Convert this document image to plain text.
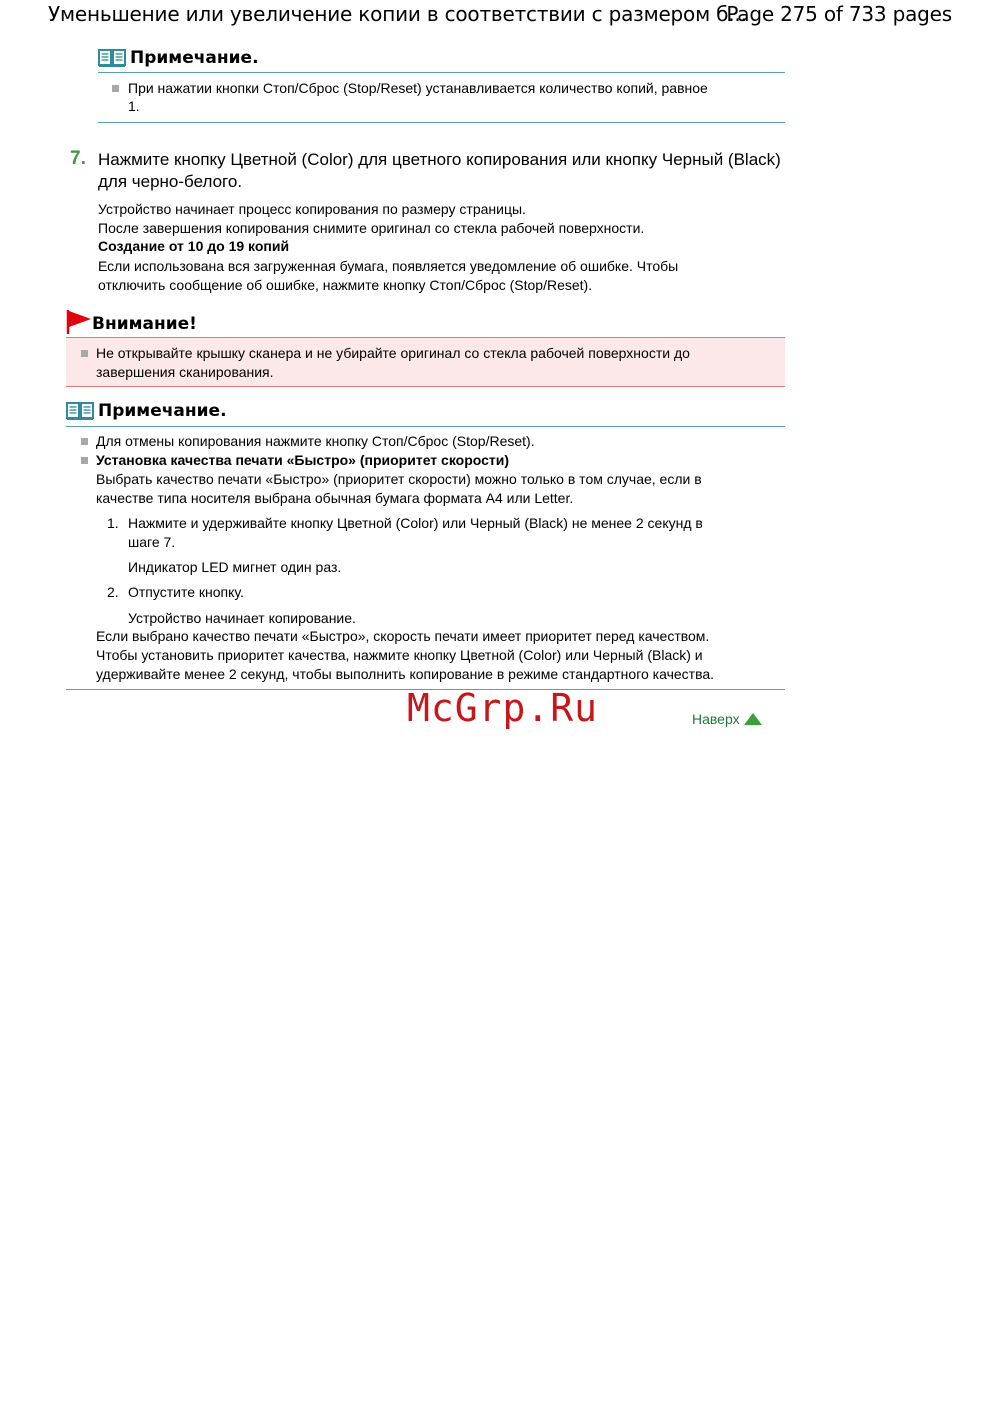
Уменьшение или увеличение копии в соответствии с размером б...
Page 275 of 733 pages
Примечание.
При нажатии кнопки Стоп/Сброс (Stop/Reset) устанавливается количество копий, равное
1.
7. Нажмите кнопку Цветной (Color) для цветного копирования или кнопку Черный (Black) для черно-белого.
Устройство начинает процесс копирования по размеру страницы.
После завершения копирования снимите оригинал со стекла рабочей поверхности.
Создание от 10 до 19 копий
Если использована вся загруженная бумага, появляется уведомление об ошибке. Чтобы
отключить сообщение об ошибке, нажмите кнопку Стоп/Сброс (Stop/Reset).
Внимание!
Не открывайте крышку сканера и не убирайте оригинал со стекла рабочей поверхности до
завершения сканирования.
Примечание.
Для отмены копирования нажмите кнопку Стоп/Сброс (Stop/Reset).
Установка качества печати «Быстро» (приоритет скорости)
Выбрать качество печати «Быстро» (приоритет скорости) можно только в том случае, если в
качестве типа носителя выбрана обычная бумага формата A4 или Letter.
1. Нажмите и удерживайте кнопку Цветной (Color) или Черный (Black) не менее 2 секунд в
шаге 7.
Индикатор LED мигнет один раз.
2. Отпустите кнопку.
Устройство начинает копирование.
Если выбрано качество печати «Быстро», скорость печати имеет приоритет перед качеством.
Чтобы установить приоритет качества, нажмите кнопку Цветной (Color) или Черный (Black) и
удерживайте менее 2 секунд, чтобы выполнить копирование в режиме стандартного качества.
McGrp.Ru	Наверх
